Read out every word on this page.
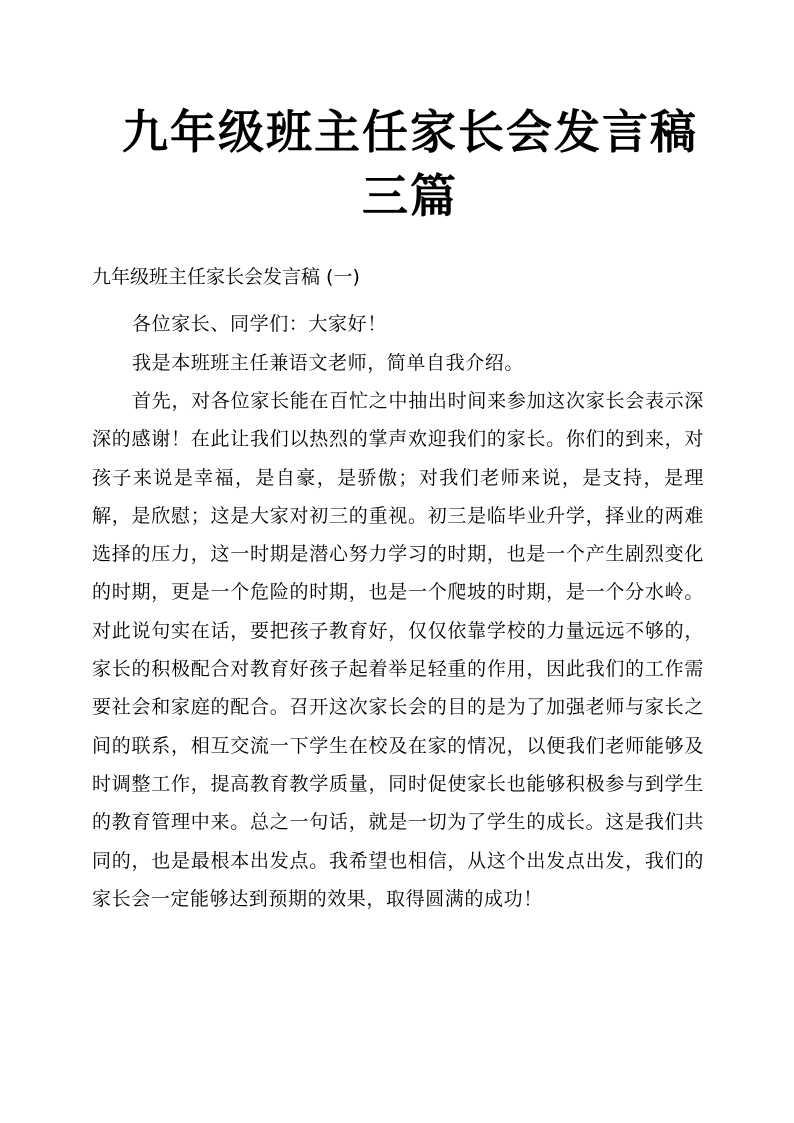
九年级班主任家长会发言稿
三篇

九年级班主任家长会发言稿 (一)

各位家长、同学们：大家好！

我是本班班主任兼语文老师，简单自我介绍。

首先，对各位家长能在百忙之中抽出时间来参加这次家长会表示深深的感谢！在此让我们以热烈的掌声欢迎我们的家长。你们的到来，对孩子来说是幸福，是自豪，是骄傲；对我们老师来说，是支持，是理解，是欣慰；这是大家对初三的重视。初三是临毕业升学，择业的两难选择的压力，这一时期是潜心努力学习的时期，也是一个产生剧烈变化的时期，更是一个危险的时期，也是一个爬坡的时期，是一个分水岭。对此说句实在话，要把孩子教育好，仅仅依靠学校的力量远远不够的，家长的积极配合对教育好孩子起着举足轻重的作用，因此我们的工作需要社会和家庭的配合。召开这次家长会的目的是为了加强老师与家长之间的联系，相互交流一下学生在校及在家的情况，以便我们老师能够及时调整工作，提高教育教学质量，同时促使家长也能够积极参与到学生的教育管理中来。总之一句话，就是一切为了学生的成长。这是我们共同的，也是最根本出发点。我希望也相信，从这个出发点出发，我们的家长会一定能够达到预期的效果，取得圆满的成功！
